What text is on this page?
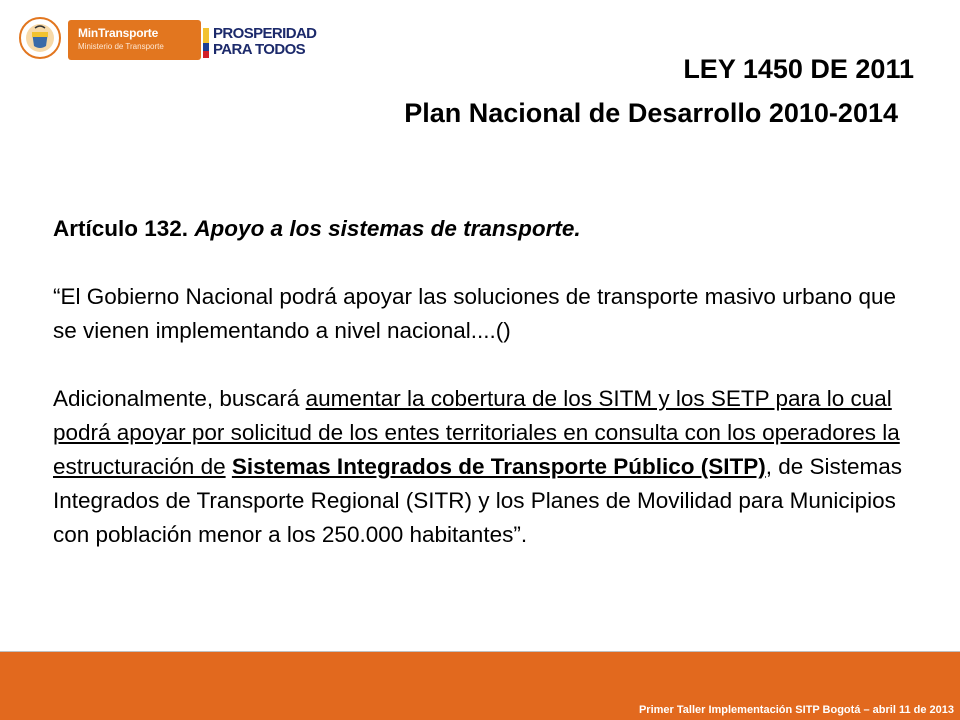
MinTransporte
Ministerio de Transporte
PROSPERIDAD
PARA TODOS
LEY 1450 DE 2011
Plan Nacional de Desarrollo 2010-2014

Artículo 132. Apoyo a los sistemas de transporte.

“El Gobierno Nacional podrá apoyar las soluciones de transporte masivo urbano que se vienen implementando a nivel nacional....()

Adicionalmente, buscará aumentar la cobertura de los SITM y los SETP para lo cual podrá apoyar por solicitud de los entes territoriales en consulta con los operadores la estructuración de Sistemas Integrados de Transporte Público (SITP), de Sistemas Integrados de Transporte Regional (SITR) y los Planes de Movilidad para Municipios con población menor a los 250.000 habitantes”.

Primer Taller Implementación SITP Bogotá – abril 11 de 2013
